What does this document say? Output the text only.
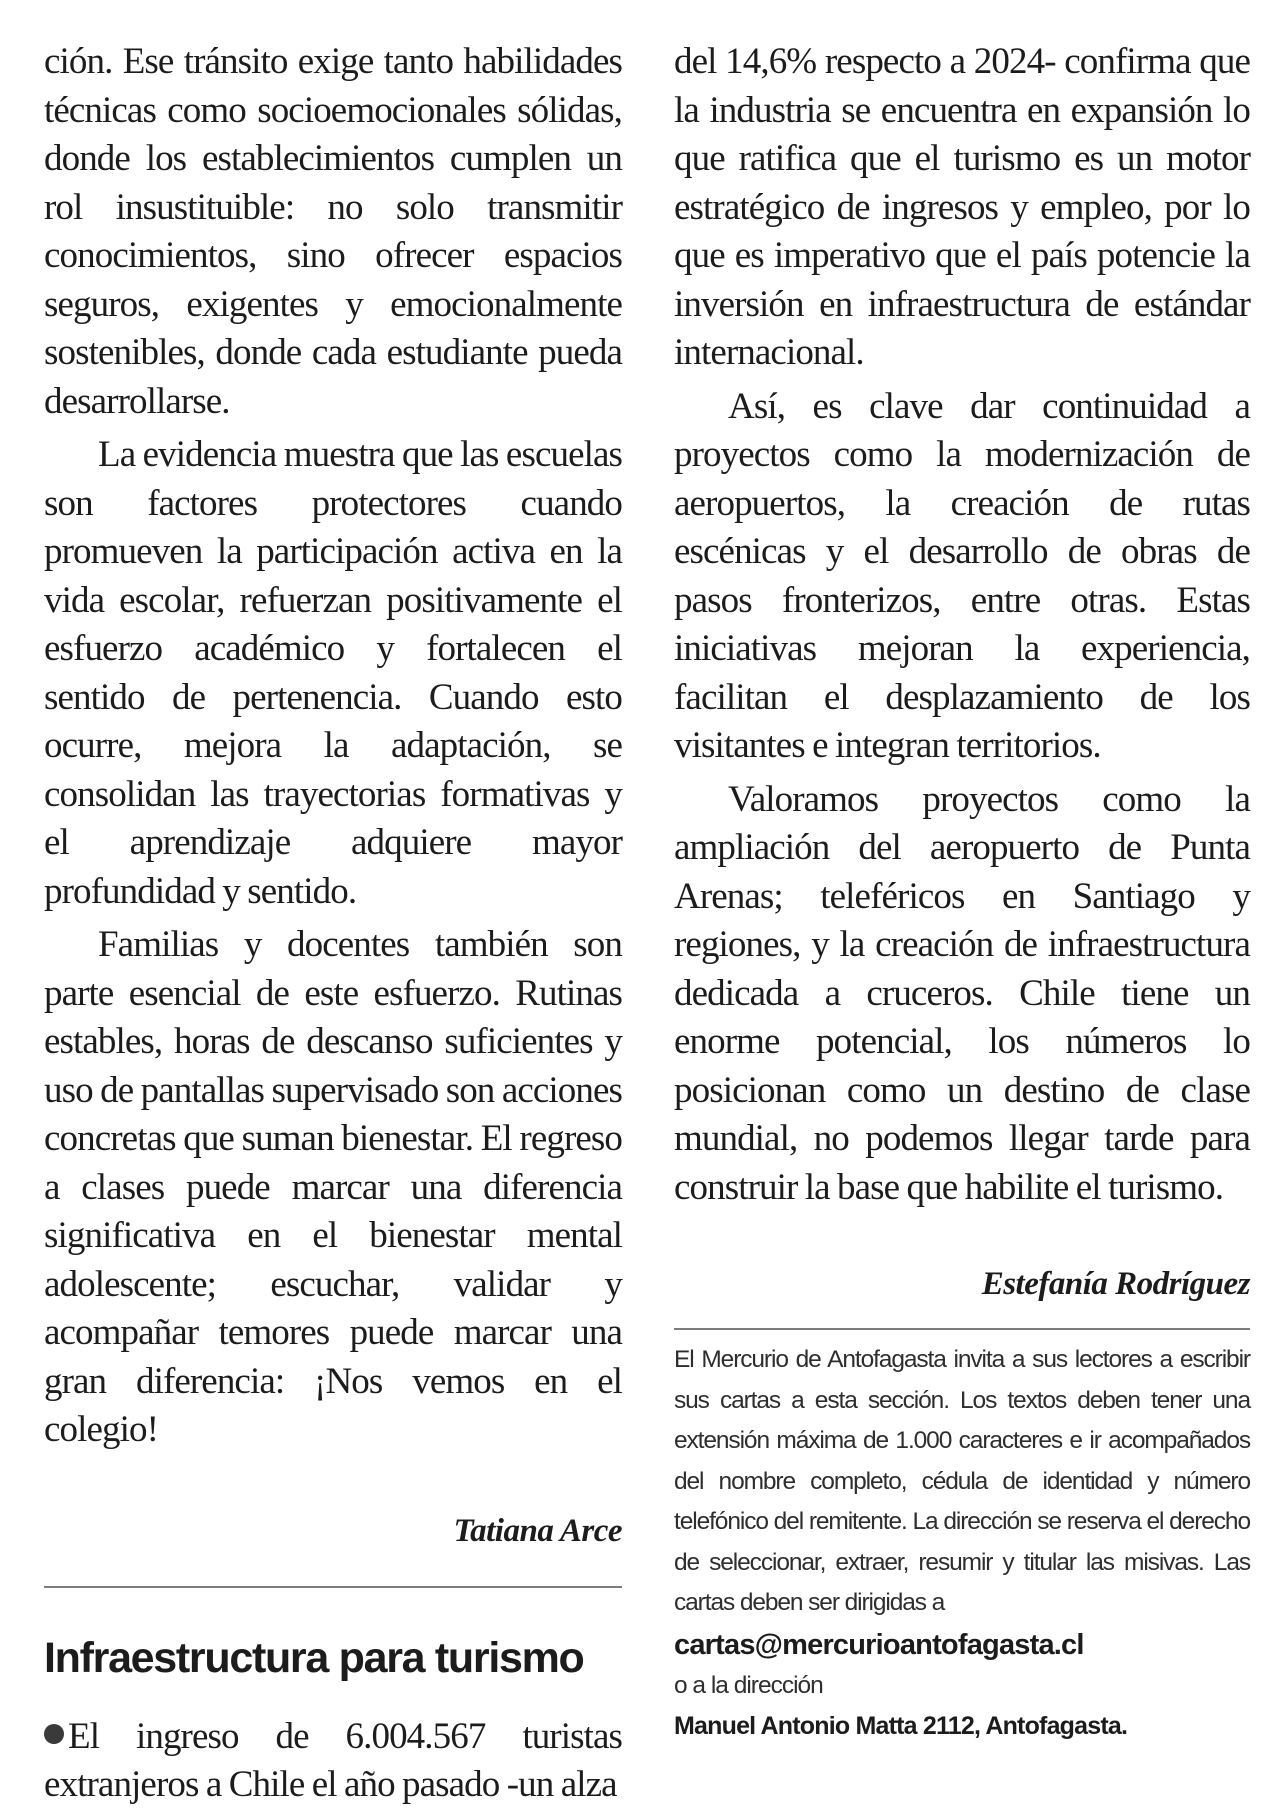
ción. Ese tránsito exige tanto habilidades técnicas como socioemocionales sólidas, donde los establecimientos cumplen un rol insustituible: no solo transmitir conocimientos, sino ofrecer espacios seguros, exigentes y emocionalmente sostenibles, donde cada estudiante pueda desarrollarse.

La evidencia muestra que las escuelas son factores protectores cuando promueven la participación activa en la vida escolar, refuerzan positivamente el esfuerzo académico y fortalecen el sentido de pertenencia. Cuando esto ocurre, mejora la adaptación, se consolidan las trayectorias formativas y el aprendizaje adquiere mayor profundidad y sentido.

Familias y docentes también son parte esencial de este esfuerzo. Rutinas estables, horas de descanso suficientes y uso de pantallas supervisado son acciones concretas que suman bienestar. El regreso a clases puede marcar una diferencia significativa en el bienestar mental adolescente; escuchar, validar y acompañar temores puede marcar una gran diferencia: ¡Nos vemos en el colegio!

Tatiana Arce

Infraestructura para turismo

El ingreso de 6.004.567 turistas extranjeros a Chile el año pasado -un alza

del 14,6% respecto a 2024- confirma que la industria se encuentra en expansión lo que ratifica que el turismo es un motor estratégico de ingresos y empleo, por lo que es imperativo que el país potencie la inversión en infraestructura de estándar internacional.

Así, es clave dar continuidad a proyectos como la modernización de aeropuertos, la creación de rutas escénicas y el desarrollo de obras de pasos fronterizos, entre otras. Estas iniciativas mejoran la experiencia, facilitan el desplazamiento de los visitantes e integran territorios.

Valoramos proyectos como la ampliación del aeropuerto de Punta Arenas; teleféricos en Santiago y regiones, y la creación de infraestructura dedicada a cruceros. Chile tiene un enorme potencial, los números lo posicionan como un destino de clase mundial, no podemos llegar tarde para construir la base que habilite el turismo.

Estefanía Rodríguez

El Mercurio de Antofagasta invita a sus lectores a escribir sus cartas a esta sección. Los textos deben tener una extensión máxima de 1.000 caracteres e ir acompañados del nombre completo, cédula de identidad y número telefónico del remitente. La dirección se reserva el derecho de seleccionar, extraer, resumir y titular las misivas. Las cartas deben ser dirigidas a

cartas@mercurioantofagasta.cl

o a la dirección

Manuel Antonio Matta 2112, Antofagasta.
